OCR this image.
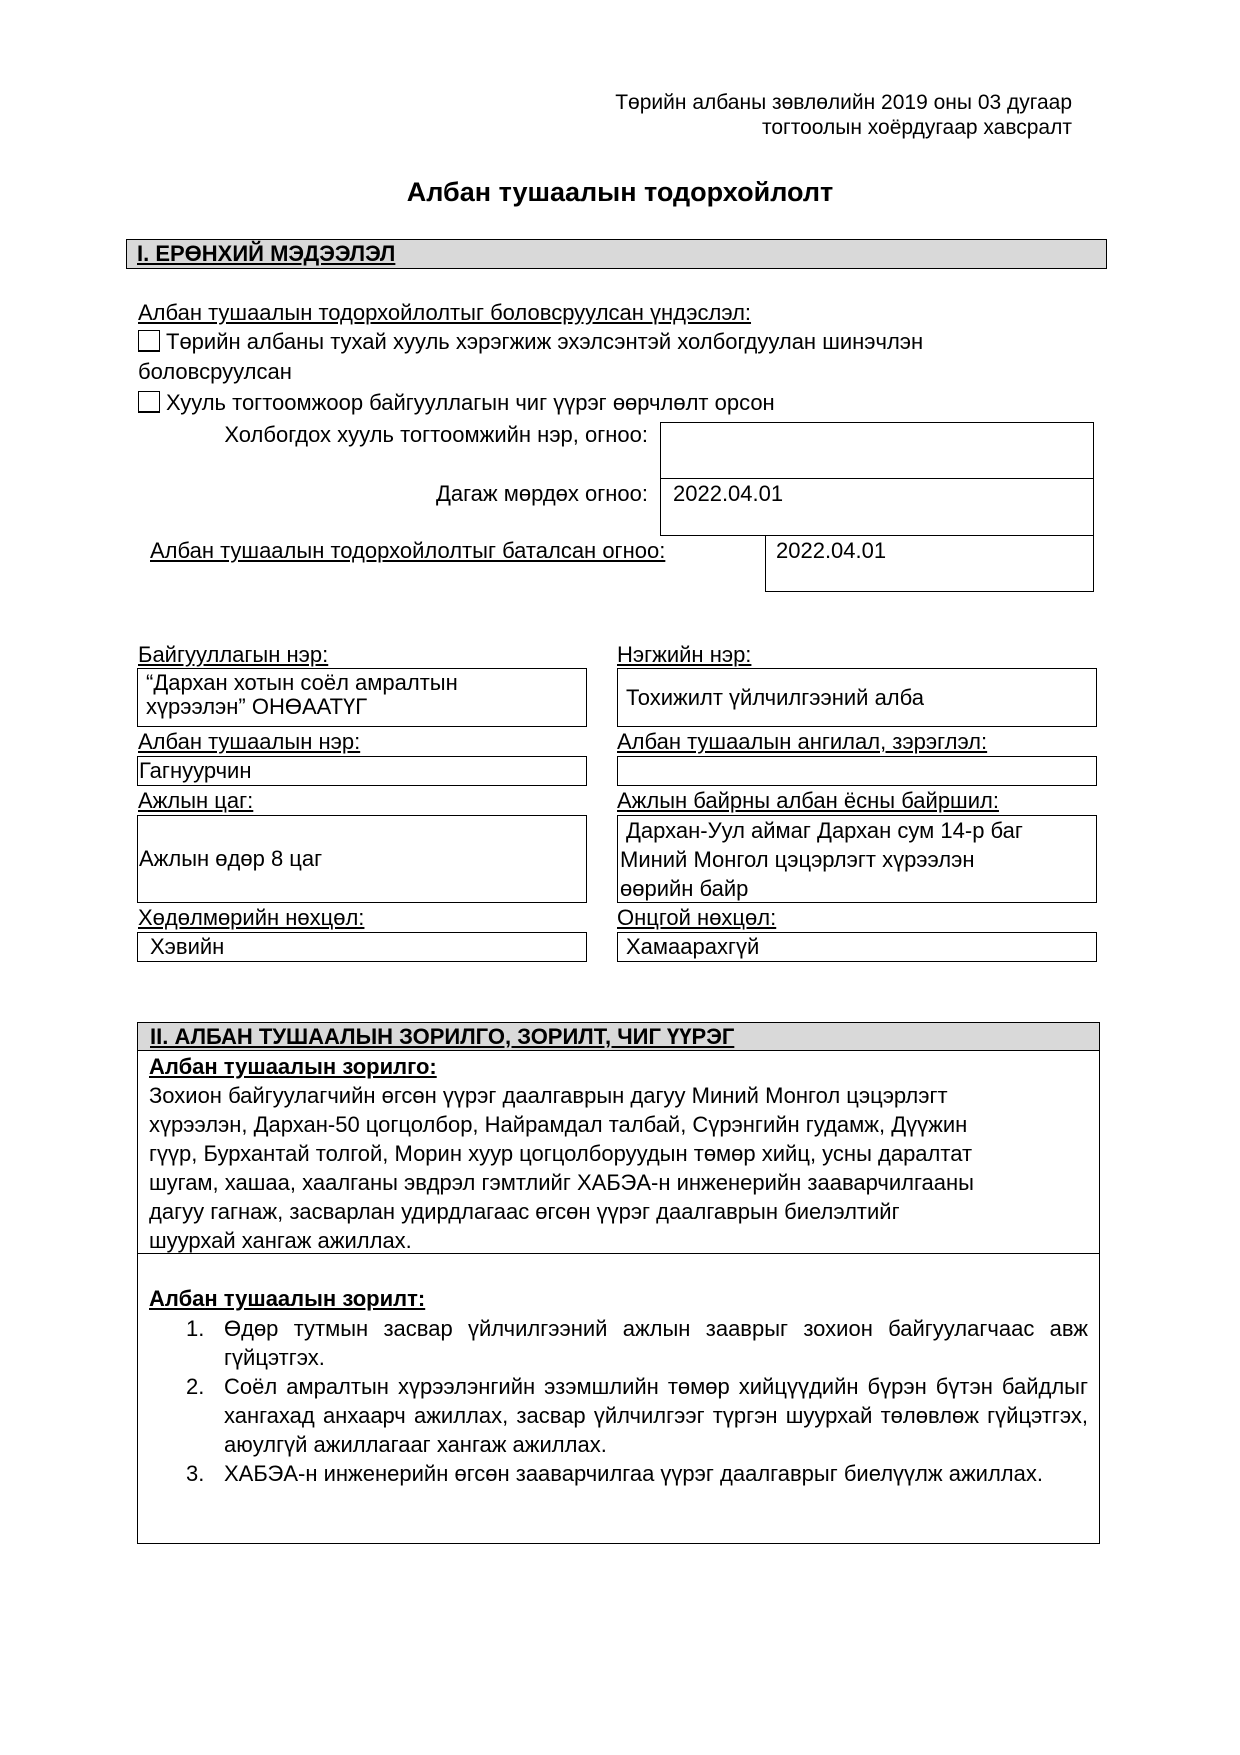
Төрийн албаны зөвлөлийн 2019 оны 03 дугаар
тогтоолын хоёрдугаар хавсралт
Албан тушаалын тодорхойлолт
I. ЕРӨНХИЙ МЭДЭЭЛЭЛ
Албан тушаалын тодорхойлолтыг боловсруулсан үндэслэл:
Төрийн албаны тухай хууль хэрэгжиж эхэлсэнтэй холбогдуулан шинэчлэн
боловсруулсан
Хууль тогтоомжоор байгууллагын чиг үүрэг өөрчлөлт орсон
Холбогдох хууль тогтоомжийн нэр, огноо:
Дагаж мөрдөх огноо:	2022.04.01
Албан тушаалын тодорхойлолтыг баталсан огноо:	2022.04.01
Байгууллагын нэр:
“Дархан хотын соёл амралтын
хүрээлэн” ОНӨААТҮГ
Нэгжийн нэр:
Тохижилт үйлчилгээний алба
Албан тушаалын нэр:
Гагнуурчин
Албан тушаалын ангилал, зэрэглэл:
Ажлын цаг:
Ажлын өдөр 8 цаг
Ажлын байрны албан ёсны байршил:
Дархан-Уул аймаг Дархан сум 14-р баг
Миний Монгол цэцэрлэгт хүрээлэн
өөрийн байр
Хөдөлмөрийн нөхцөл:
Хэвийн
Онцгой нөхцөл:
Хамаарахгүй
II. АЛБАН ТУШААЛЫН ЗОРИЛГО, ЗОРИЛТ, ЧИГ ҮҮРЭГ
Албан тушаалын зорилго:
Зохион байгуулагчийн өгсөн үүрэг даалгаврын дагуу Миний Монгол цэцэрлэгт
хүрээлэн, Дархан-50 цогцолбор, Найрамдал талбай, Сүрэнгийн гудамж, Дүүжин
гүүр, Бурхантай толгой, Морин хуур цогцолборуудын төмөр хийц, усны даралтат
шугам, хашаа, хаалганы эвдрэл гэмтлийг ХАБЭА-н инженерийн зааварчилгааны
дагуу гагнаж, засварлан удирдлагаас өгсөн үүрэг даалгаврын биелэлтийг
шуурхай хангаж ажиллах.
Албан тушаалын зорилт:
1. Өдөр тутмын засвар үйлчилгээний ажлын заавpыг зохион байгуулагчаас авж гүйцэтгэх.
2. Соёл амралтын хүрээлэнгийн эзэмшлийн төмөр хийцүүдийн бүрэн бүтэн байдлыг хангахад анхаарч ажиллах, засвар үйлчилгээг түргэн шуурхай төлөвлөж гүйцэтгэх, аюулгүй ажиллагааг хангаж ажиллах.
3. ХАБЭА-н инженерийн өгсөн зааварчилгаа үүрэг даалгаврыг биелүүлж ажиллах.
